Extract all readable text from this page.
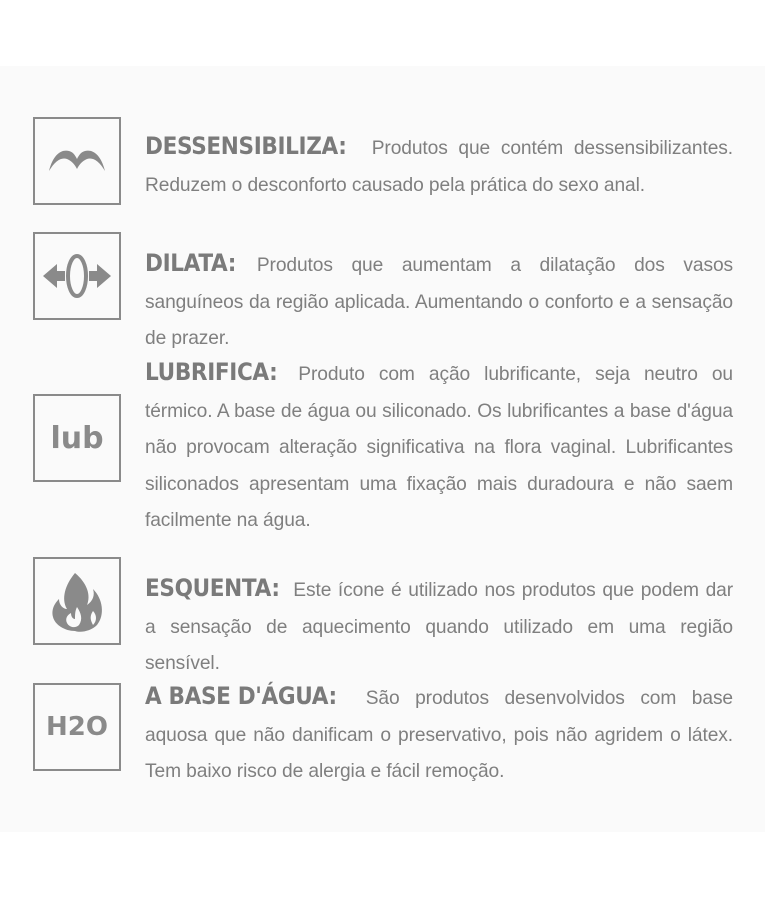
DESSENSIBILIZA: Produtos que contém dessensibilizantes. Reduzem o desconforto causado pela prática do sexo anal.
DILATA: Produtos que aumentam a dilatação dos vasos sanguíneos da região aplicada. Aumentando o conforto e a sensação de prazer.
lub
LUBRIFICA: Produto com ação lubrificante, seja neutro ou térmico. A base de água ou siliconado. Os lubrificantes a base d'água não provocam alteração significativa na flora vaginal. Lubrificantes siliconados apresentam uma fixação mais duradoura e não saem facilmente na água.
ESQUENTA: Este ícone é utilizado nos produtos que podem dar a sensação de aquecimento quando utilizado em uma região sensível.
H2O
A BASE D'ÁGUA: São produtos desenvolvidos com base aquosa que não danificam o preservativo, pois não agridem o látex. Tem baixo risco de alergia e fácil remoção.
